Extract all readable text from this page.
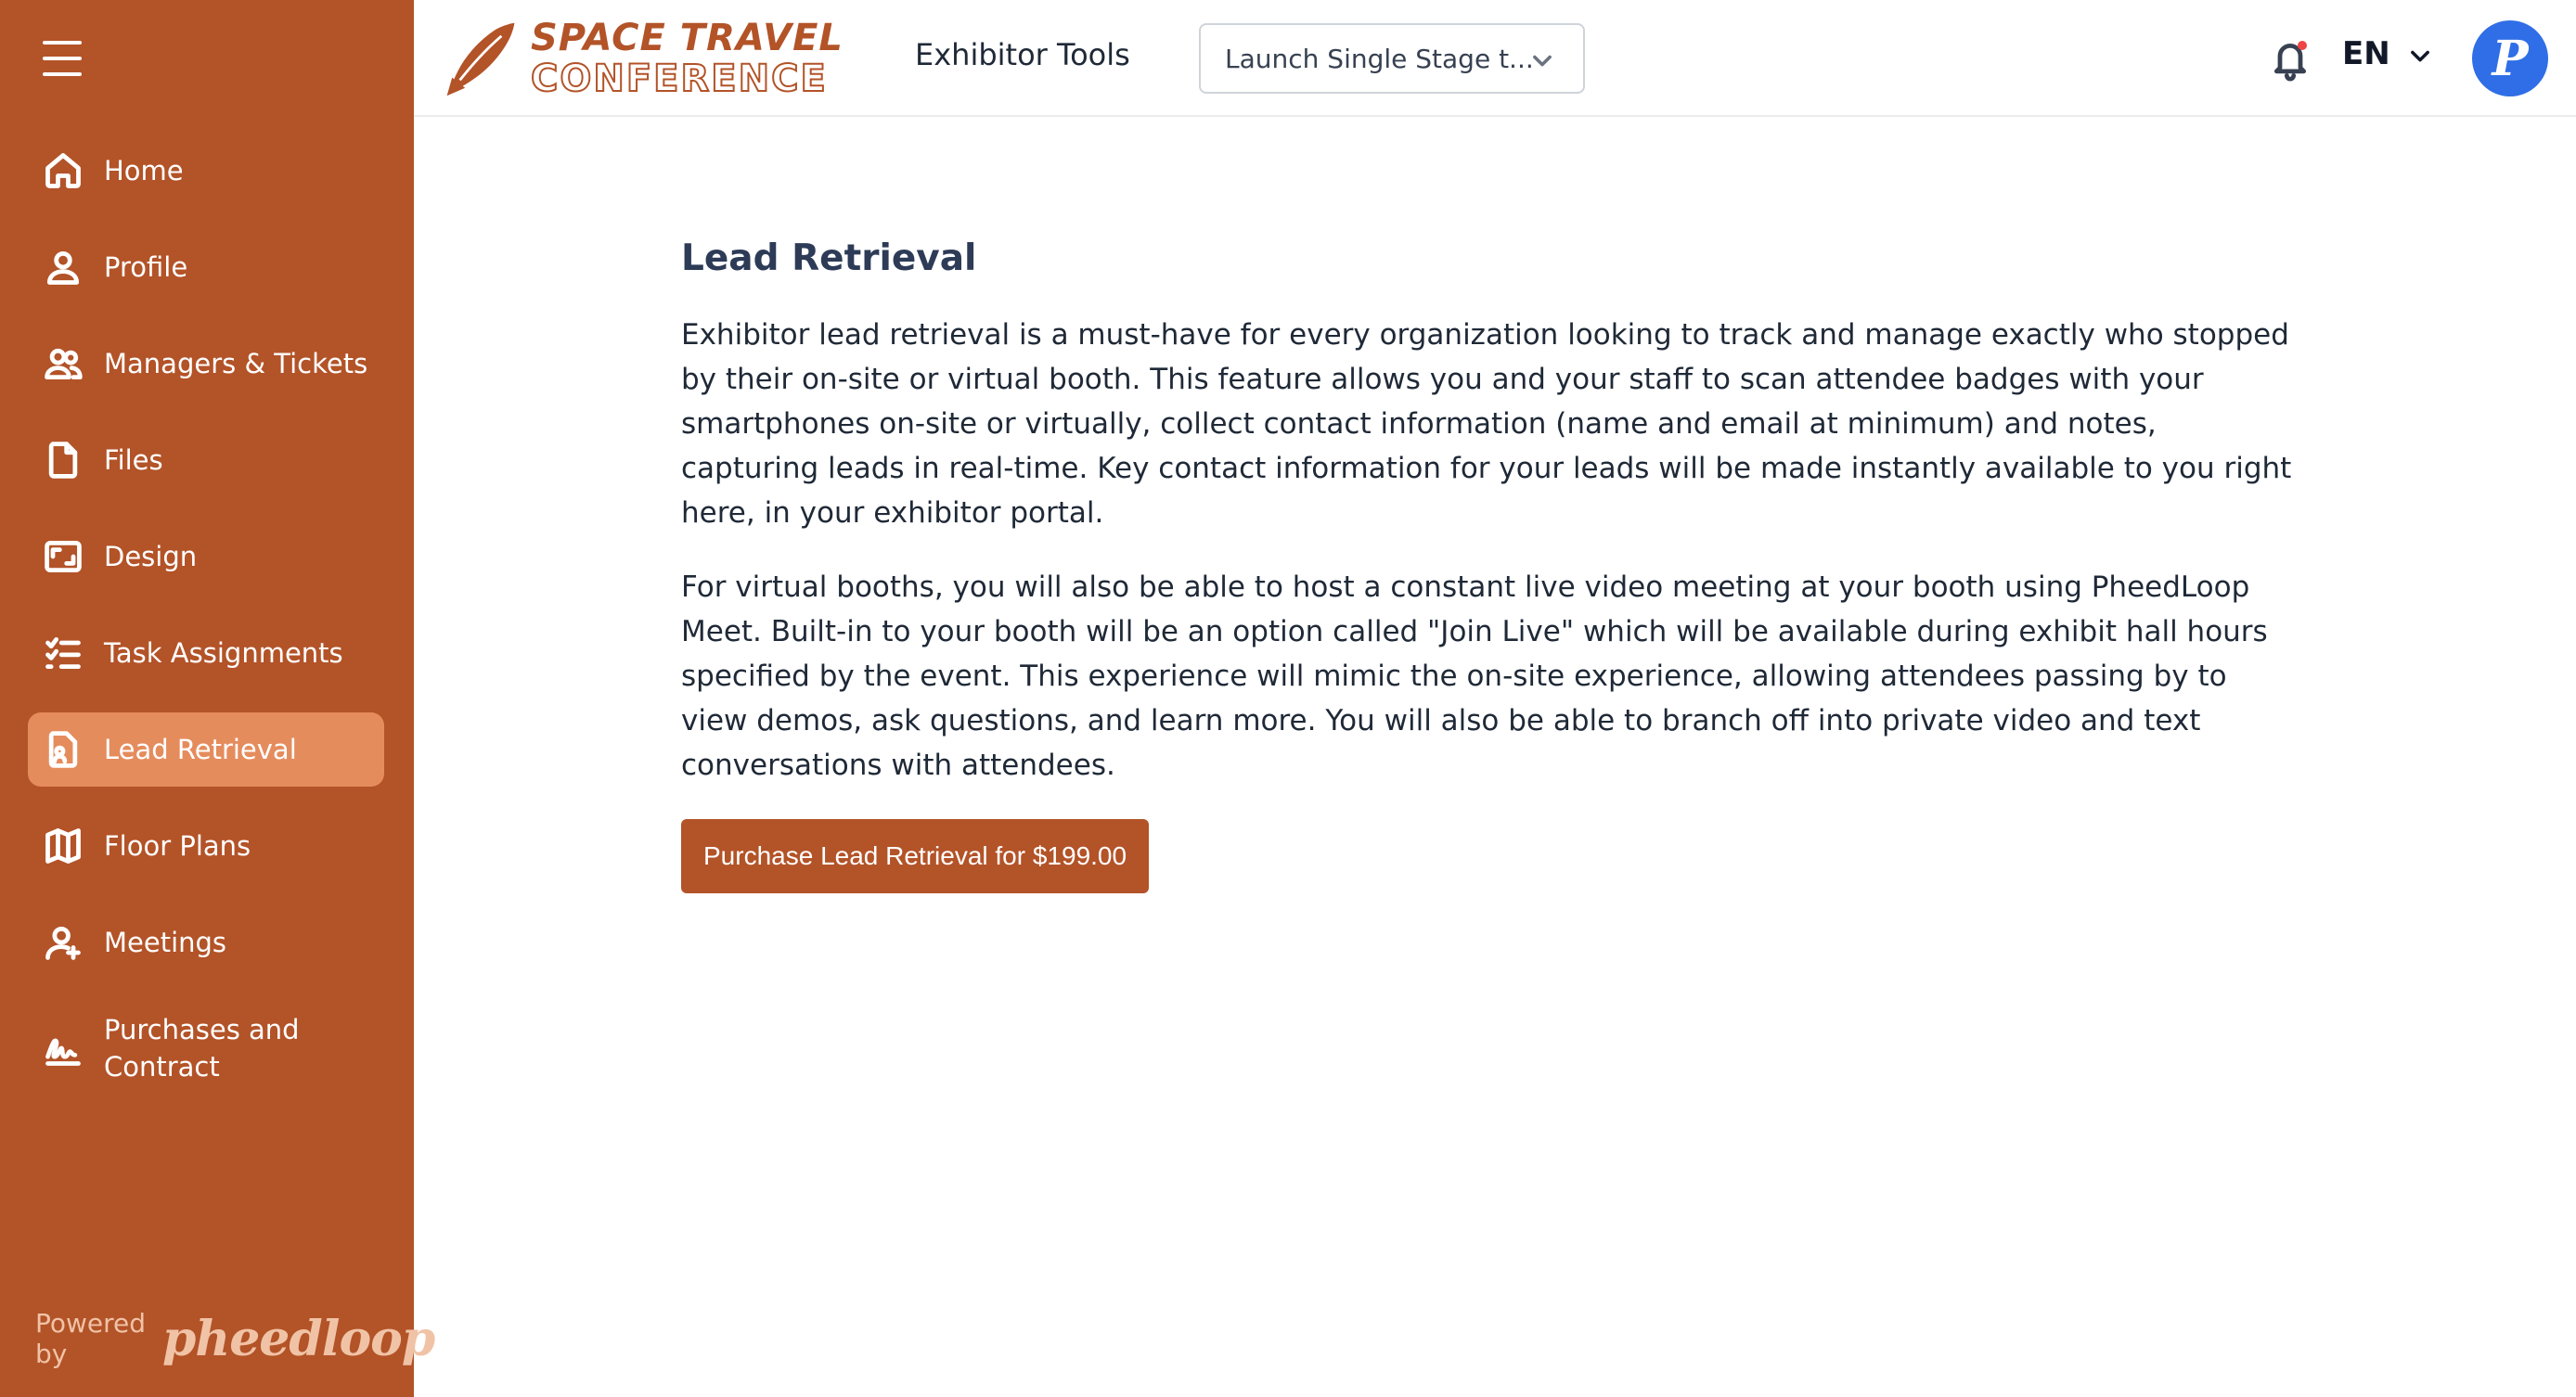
Home
Profile
Managers & Tickets
Files
Design
Task Assignments
Lead Retrieval
Floor Plans
Meetings
Purchases and Contract
Powered by	pheedloop
SPACE TRAVEL
CONFERENCE
Exhibitor Tools	Launch Single Stage t...	EN P
Lead Retrieval

Exhibitor lead retrieval is a must-have for every organization looking to track and manage exactly who stopped by their on-site or virtual booth. This feature allows you and your staff to scan attendee badges with your smartphones on-site or virtually, collect contact information (name and email at minimum) and notes, capturing leads in real-time. Key contact information for your leads will be made instantly available to you right here, in your exhibitor portal.

For virtual booths, you will also be able to host a constant live video meeting at your booth using PheedLoop Meet. Built-in to your booth will be an option called "Join Live" which will be available during exhibit hall hours specified by the event. This experience will mimic the on-site experience, allowing attendees passing by to view demos, ask questions, and learn more. You will also be able to branch off into private video and text conversations with attendees.

Purchase Lead Retrieval for $199.00
